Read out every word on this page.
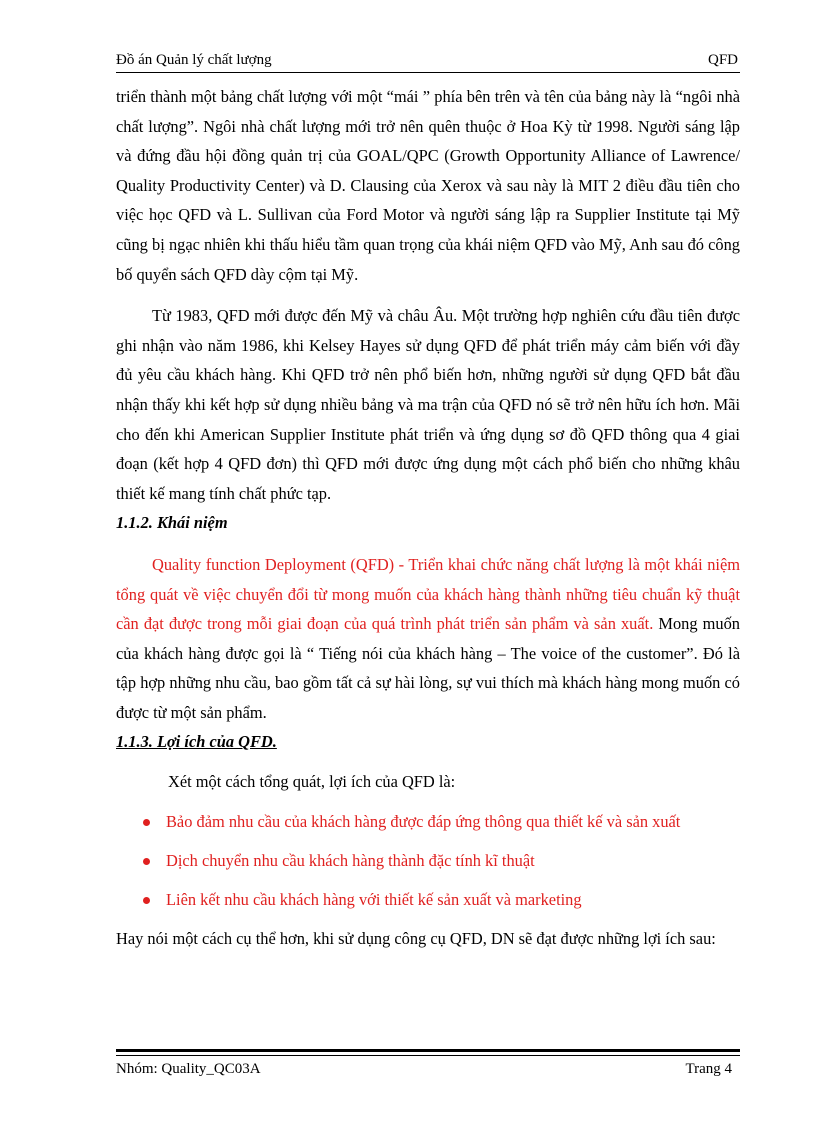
Đồ án Quản lý chất lượng	QFD

triển thành một bảng chất lượng với một “mái ” phía bên trên và tên của bảng này là “ngôi nhà chất lượng”. Ngôi nhà chất lượng mới trở nên quên thuộc ở Hoa Kỳ từ 1998. Người sáng lập và đứng đầu hội đồng quản trị của GOAL/QPC (Growth Opportunity Alliance of Lawrence/ Quality Productivity Center) và D. Clausing của Xerox và sau này là MIT 2 điều đầu tiên cho việc học QFD và L. Sullivan của Ford Motor và người sáng lập ra Supplier Institute tại Mỹ cũng bị ngạc nhiên khi thấu hiểu tầm quan trọng của khái niệm QFD vào Mỹ, Anh sau đó công bố quyển sách QFD dày cộm tại Mỹ.

Từ 1983, QFD mới được đến Mỹ và châu Âu. Một trường hợp nghiên cứu đầu tiên được ghi nhận vào năm 1986, khi Kelsey Hayes sử dụng QFD để phát triển máy cảm biến với đầy đủ yêu cầu khách hàng. Khi QFD trở nên phổ biến hơn, những người sử dụng QFD bắt đầu nhận thấy khi kết hợp sử dụng nhiều bảng và ma trận của QFD nó sẽ trở nên hữu ích hơn. Mãi cho đến khi American Supplier Institute phát triển và ứng dụng sơ đồ QFD thông qua 4 giai đoạn (kết hợp 4 QFD đơn) thì QFD mới được ứng dụng một cách phổ biến cho những khâu thiết kế mang tính chất phức tạp.

1.1.2. Khái niệm

Quality function Deployment (QFD) - Triển khai chức năng chất lượng là một khái niệm tổng quát về việc chuyển đổi từ mong muốn của khách hàng thành những tiêu chuẩn kỹ thuật cần đạt được trong mỗi giai đoạn của quá trình phát triển sản phẩm và sản xuất. Mong muốn của khách hàng được gọi là “ Tiếng nói của khách hàng – The voice of the customer”. Đó là tập hợp những nhu cầu, bao gồm tất cả sự hài lòng, sự vui thích mà khách hàng mong muốn có được từ một sản phẩm.

1.1.3. Lợi ích của QFD.

Xét một cách tổng quát, lợi ích của QFD là:

Bảo đảm nhu cầu của khách hàng được đáp ứng thông qua thiết kế và sản xuất
Dịch chuyển nhu cầu khách hàng thành đặc tính kĩ thuật
Liên kết nhu cầu khách hàng với thiết kế sản xuất và marketing

Hay nói một cách cụ thể hơn, khi sử dụng công cụ QFD, DN sẽ đạt được những lợi ích sau:

Nhóm: Quality_QC03A	Trang 4
